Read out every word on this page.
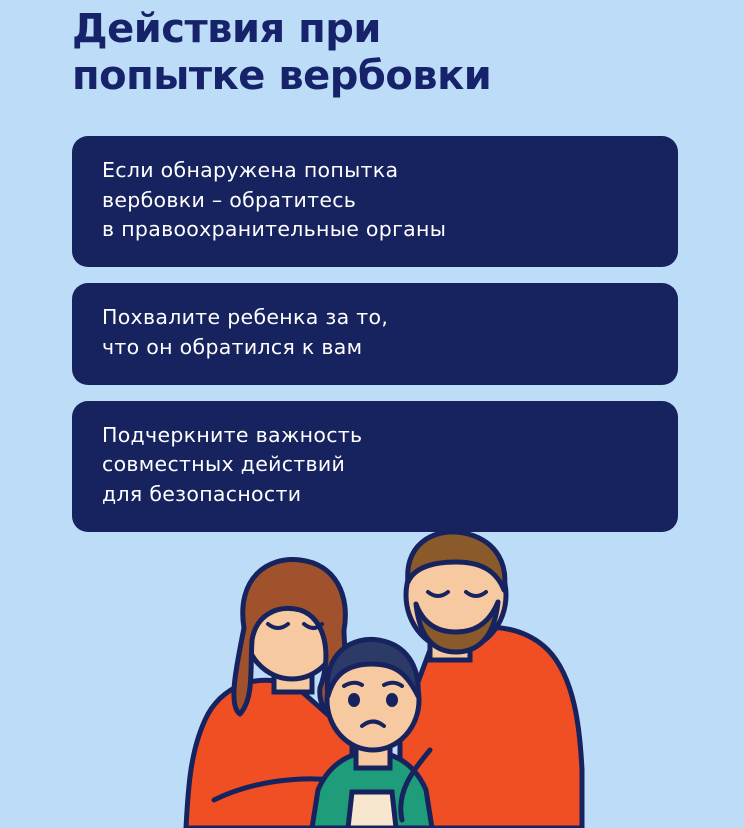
Действия при
попытке вербовки

Если обнаружена попытка

вербовки – обратитесь

в правоохранительные органы

Похвалите ребенка за то,

что он обратился к вам

Подчеркните важность

совместных действий

для безопасности
